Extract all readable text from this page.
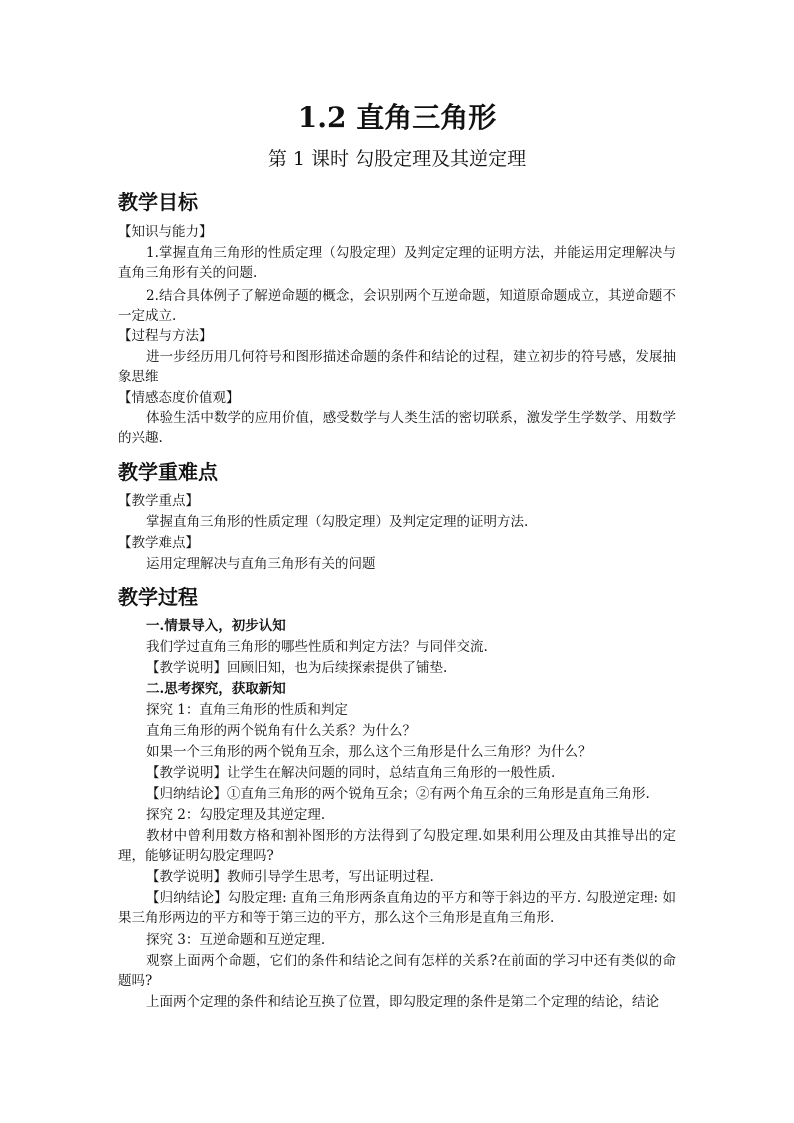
1.2 直角三角形
第 1 课时 勾股定理及其逆定理
教学目标
【知识与能力】
1.掌握直角三角形的性质定理（勾股定理）及判定定理的证明方法，并能运用定理解决与直角三角形有关的问题.
2.结合具体例子了解逆命题的概念，会识别两个互逆命题，知道原命题成立，其逆命题不一定成立.
【过程与方法】
进一步经历用几何符号和图形描述命题的条件和结论的过程，建立初步的符号感，发展抽象思维
【情感态度价值观】
体验生活中数学的应用价值，感受数学与人类生活的密切联系，激发学生学数学、用数学的兴趣.
教学重难点
【教学重点】
掌握直角三角形的性质定理（勾股定理）及判定定理的证明方法.
【教学难点】
运用定理解决与直角三角形有关的问题
教学过程
一.情景导入，初步认知
我们学过直角三角形的哪些性质和判定方法？与同伴交流.
【教学说明】回顾旧知，也为后续探索提供了铺垫.
二.思考探究，获取新知
探究 1：直角三角形的性质和判定
直角三角形的两个锐角有什么关系？为什么？
如果一个三角形的两个锐角互余，那么这个三角形是什么三角形？为什么？
【教学说明】让学生在解决问题的同时，总结直角三角形的一般性质.
【归纳结论】①直角三角形的两个锐角互余；②有两个角互余的三角形是直角三角形.
探究 2：勾股定理及其逆定理.
教材中曾利用数方格和割补图形的方法得到了勾股定理.如果利用公理及由其推导出的定理，能够证明勾股定理吗?
【教学说明】教师引导学生思考，写出证明过程.
【归纳结论】勾股定理: 直角三角形两条直角边的平方和等于斜边的平方. 勾股逆定理: 如果三角形两边的平方和等于第三边的平方，那么这个三角形是直角三角形.
探究 3：互逆命题和互逆定理.
观察上面两个命题，它们的条件和结论之间有怎样的关系?在前面的学习中还有类似的命题吗?
上面两个定理的条件和结论互换了位置，即勾股定理的条件是第二个定理的结论，结论
